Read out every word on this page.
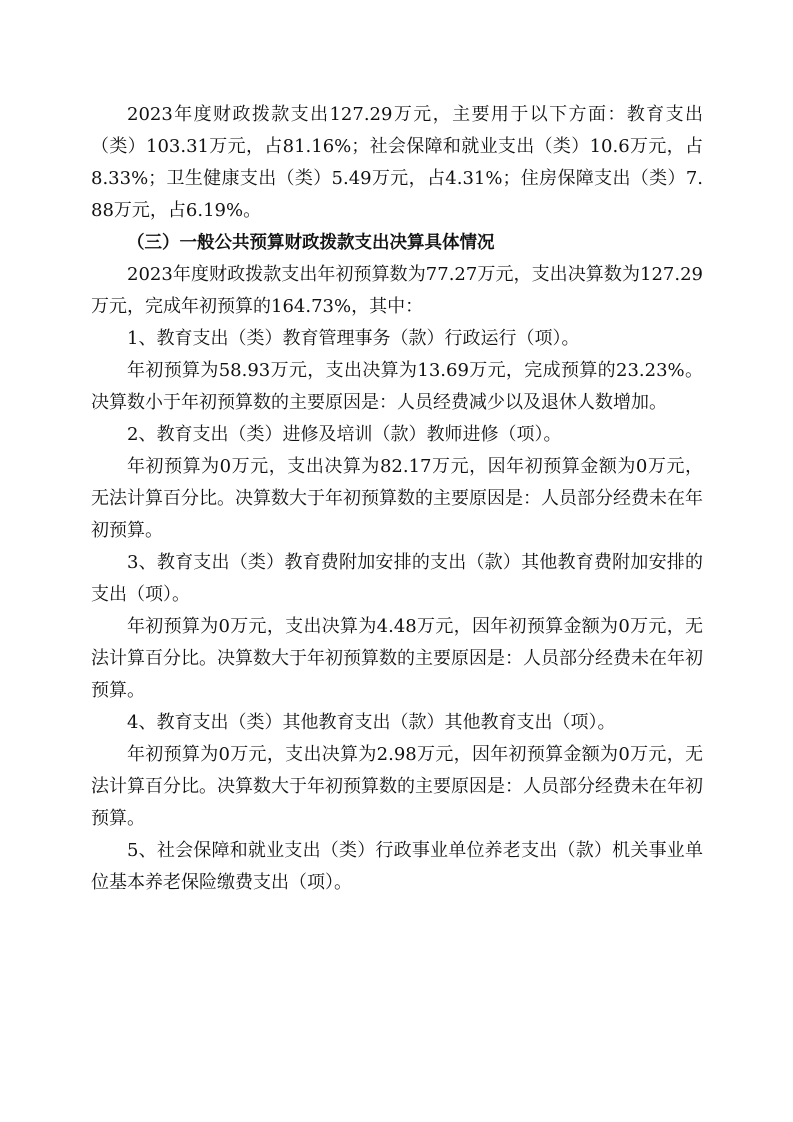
2023年度财政拨款支出127.29万元，主要用于以下方面：教育支出（类）103.31万元，占81.16%；社会保障和就业支出（类）10.6万元，占8.33%；卫生健康支出（类）5.49万元，占4.31%；住房保障支出（类）7.88万元，占6.19%。

（三）一般公共预算财政拨款支出决算具体情况

2023年度财政拨款支出年初预算数为77.27万元，支出决算数为127.29万元，完成年初预算的164.73%，其中：

1、教育支出（类）教育管理事务（款）行政运行（项）。

年初预算为58.93万元，支出决算为13.69万元，完成预算的23.23%。决算数小于年初预算数的主要原因是：人员经费减少以及退休人数增加。

2、教育支出（类）进修及培训（款）教师进修（项）。

年初预算为0万元，支出决算为82.17万元，因年初预算金额为0万元，无法计算百分比。决算数大于年初预算数的主要原因是：人员部分经费未在年初预算。

3、教育支出（类）教育费附加安排的支出（款）其他教育费附加安排的支出（项）。

年初预算为0万元，支出决算为4.48万元，因年初预算金额为0万元，无法计算百分比。决算数大于年初预算数的主要原因是：人员部分经费未在年初预算。

4、教育支出（类）其他教育支出（款）其他教育支出（项）。

年初预算为0万元，支出决算为2.98万元，因年初预算金额为0万元，无法计算百分比。决算数大于年初预算数的主要原因是：人员部分经费未在年初预算。

5、社会保障和就业支出（类）行政事业单位养老支出（款）机关事业单位基本养老保险缴费支出（项）。
